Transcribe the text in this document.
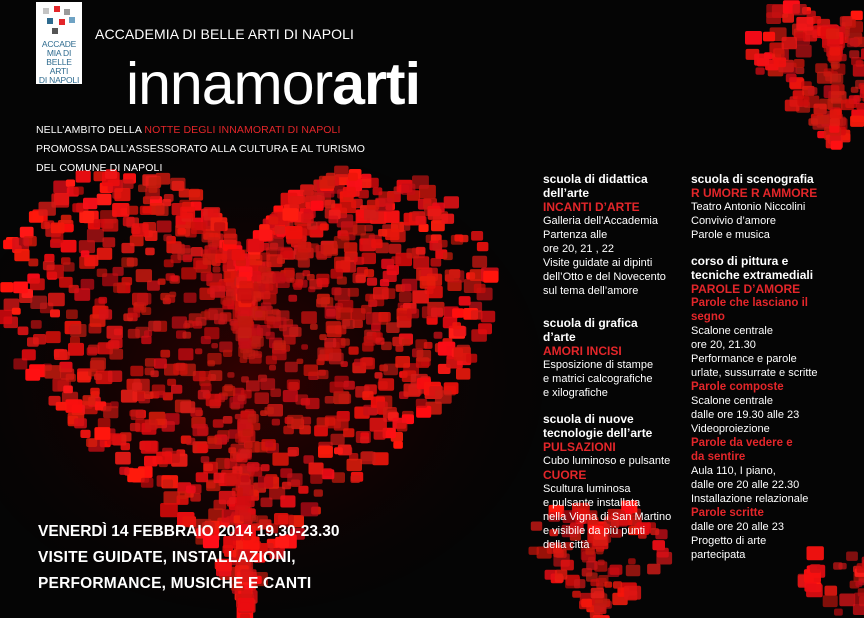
ACCADE
MIA DI
BELLE ARTI
DI NAPOLI
ACCADEMIA DI BELLE ARTI DI NAPOLI
innamorarti
NELL’AMBITO DELLA NOTTE DEGLI INNAMORATI DI NAPOLI
PROMOSSA DALL’ASSESSORATO ALLA CULTURA E AL TURISMO
DEL COMUNE DI NAPOLI
scuola di didattica dell’arte
INCANTI D’ARTE
Galleria dell’Accademia
Partenza alle
ore 20, 21 , 22
Visite guidate ai dipinti
dell’Otto e del Novecento
sul tema dell’amore
scuola di grafica d’arte
AMORI INCISI
Esposizione di stampe
e matrici calcografiche
e xilografiche
scuola di nuove tecnologie dell’arte
PULSAZIONI
Cubo luminoso e pulsante
CUORE
Scultura luminosa
e pulsante installata
nella Vigna di San Martino
e visibile da più punti
della città
scuola di scenografia
R UMORE R AMMORE
Teatro Antonio Niccolini
Convivio d’amore
Parole e musica
corso di pittura e tecniche extramediali
PAROLE D’AMORE
Parole che lasciano il segno
Scalone centrale
ore 20, 21.30
Performance e parole
urlate, sussurrate e scritte
Parole composte
Scalone centrale
dalle ore 19.30 alle 23
Videoproiezione
Parole da vedere e da sentire
Aula 110, I piano,
dalle ore 20 alle 22.30
Installazione relazionale
Parole scritte
dalle ore 20 alle 23
Progetto di arte
partecipata
VENERDÌ 14 FEBBRAIO 2014 19.30-23.30
VISITE GUIDATE, INSTALLAZIONI,
PERFORMANCE, MUSICHE E CANTI
